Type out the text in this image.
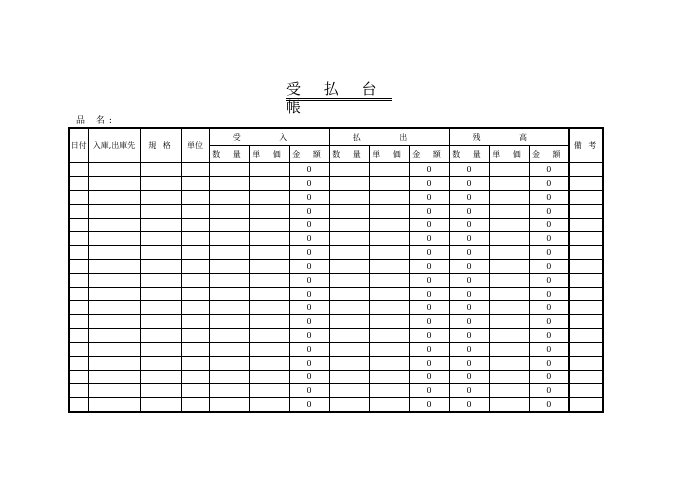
受 払 台 帳
品 名:
日付	入庫,出庫先	規 格	単位	受 入			払 出			残 高			備 考
				数 量	単 価	金 額	数 量	単 価	金 額	数 量	単 価	金 額	
						0			0	0		0	
						0			0	0		0	
						0			0	0		0	
						0			0	0		0	
						0			0	0		0	
						0			0	0		0	
						0			0	0		0	
						0			0	0		0	
						0			0	0		0	
						0			0	0		0	
						0			0	0		0	
						0			0	0		0	
						0			0	0		0	
						0			0	0		0	
						0			0	0		0	
						0			0	0		0	
						0			0	0		0	
						0			0	0		0	
